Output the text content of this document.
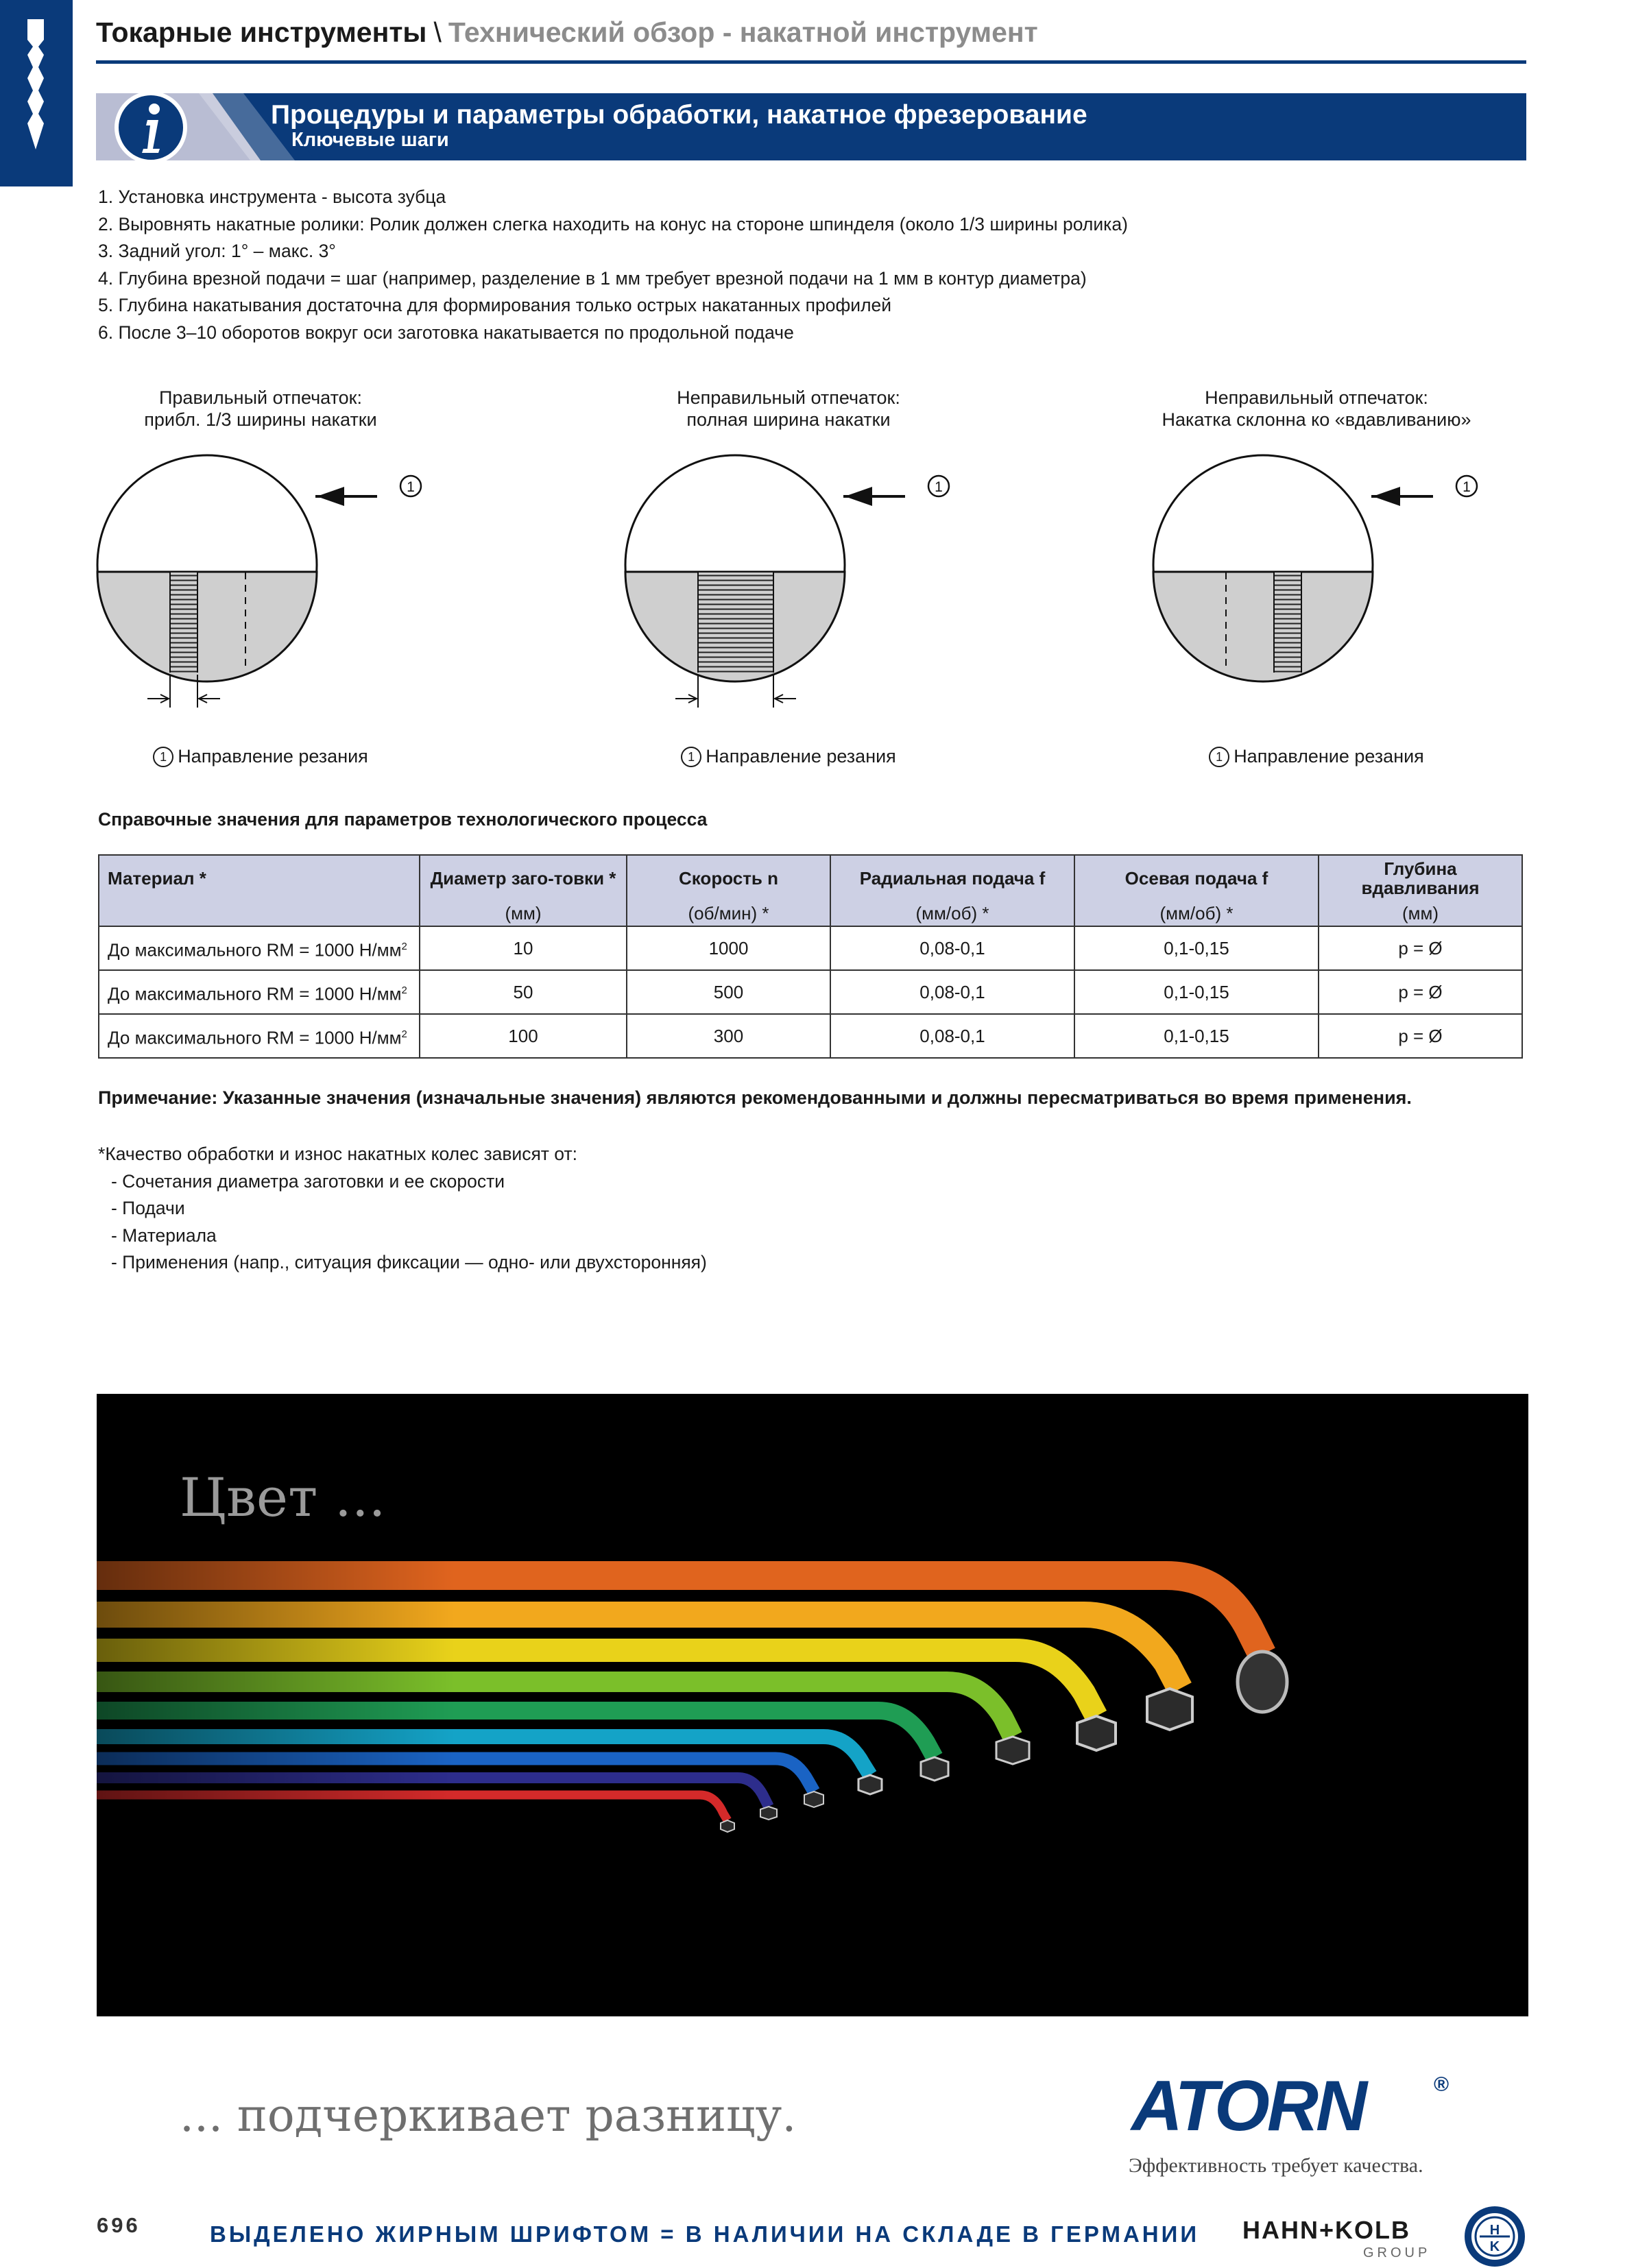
Токарные инструменты \ Технический обзор - накатной инструмент
Процедуры и параметры обработки, накатное фрезерование
Ключевые шаги
1. Установка инструмента - высота зубца
2. Выровнять накатные ролики: Ролик должен слегка находить на конус на стороне шпинделя (около 1/3 ширины ролика)
3. Задний угол: 1° – макс. 3°
4. Глубина врезной подачи = шаг (например, разделение в 1 мм требует врезной подачи на 1 мм в контур диаметра)
5. Глубина накатывания достаточна для формирования только острых накатанных профилей
6. После 3–10 оборотов вокруг оси заготовка накатывается по продольной подаче
Правильный отпечаток:
прибл. 1/3 ширины накатки
1
1 Направление резания
Неправильный отпечаток:
полная ширина накатки
1
1 Направление резания
Неправильный отпечаток:
Накатка склонна ко «вдавливанию»
1
1 Направление резания
Справочные значения для параметров технологического процесса
Материал *	Диаметр заго-товки *	Скорость n	Радиальная подача f	Осевая подача f	Глубина вдавливания
	(мм)	(об/мин) *	(мм/об) *	(мм/об) *	(мм)
До максимального RM = 1000 $Н/мм^2$	10	1000	0,08-0,1	0,1-0,15	p = Ø
До максимального RM = 1000 $Н/мм^2$	50	500	0,08-0,1	0,1-0,15	p = Ø
До максимального RM = 1000 $Н/мм^2$	100	300	0,08-0,1	0,1-0,15	p = Ø
Примечание: Указанные значения (изначальные значения) являются рекомендованными и должны пересматриваться во время применения.
*Качество обработки и износ накатных колес зависят от:
- Сочетания диаметра заготовки и ее скорости
- Подачи
- Материала
- Применения (напр., ситуация фиксации — одно- или двухсторонняя)
Цвет ...
... подчеркивает разницу.	ATORN	®
Эффективность требует качества.
696	ВЫДЕЛЕНО ЖИРНЫМ ШРИФТОМ = В НАЛИЧИИ НА СКЛАДЕ В ГЕРМАНИИ HAHN+KOLB
GROUP
H
K
